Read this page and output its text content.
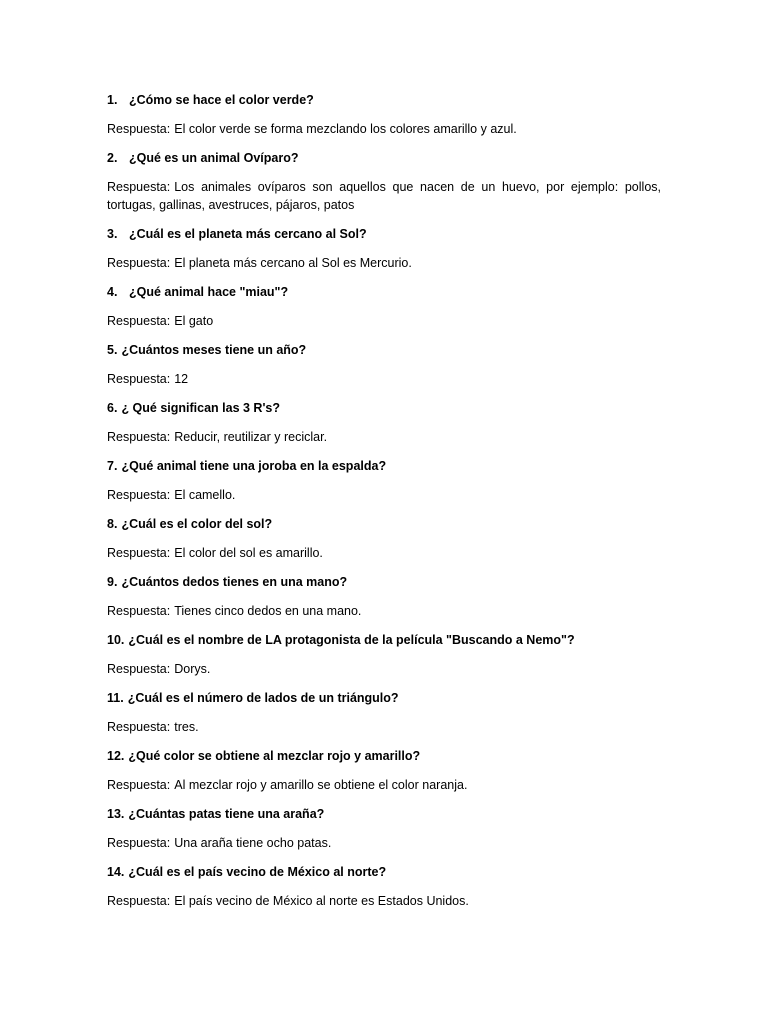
1. ¿Cómo se hace el color verde?

Respuesta: El color verde se forma mezclando los colores amarillo y azul.

2. ¿Qué es un animal Ovíparo?

Respuesta: Los animales ovíparos son aquellos que nacen de un huevo, por ejemplo: pollos, tortugas, gallinas, avestruces, pájaros, patos

3. ¿Cuál es el planeta más cercano al Sol?

Respuesta: El planeta más cercano al Sol es Mercurio.

4. ¿Qué animal hace "miau"?

Respuesta: El gato

5. ¿Cuántos meses tiene un año?

Respuesta: 12

6. ¿ Qué significan las 3 R's?

Respuesta: Reducir, reutilizar y reciclar.

7. ¿Qué animal tiene una joroba en la espalda?

Respuesta: El camello.

8. ¿Cuál es el color del sol?

Respuesta: El color del sol es amarillo.

9. ¿Cuántos dedos tienes en una mano?

Respuesta: Tienes cinco dedos en una mano.

10. ¿Cuál es el nombre de LA protagonista de la película "Buscando a Nemo"?

Respuesta: Dorys.

11. ¿Cuál es el número de lados de un triángulo?

Respuesta: tres.

12. ¿Qué color se obtiene al mezclar rojo y amarillo?

Respuesta: Al mezclar rojo y amarillo se obtiene el color naranja.

13. ¿Cuántas patas tiene una araña?

Respuesta: Una araña tiene ocho patas.

14. ¿Cuál es el país vecino de México al norte?

Respuesta: El país vecino de México al norte es Estados Unidos.
